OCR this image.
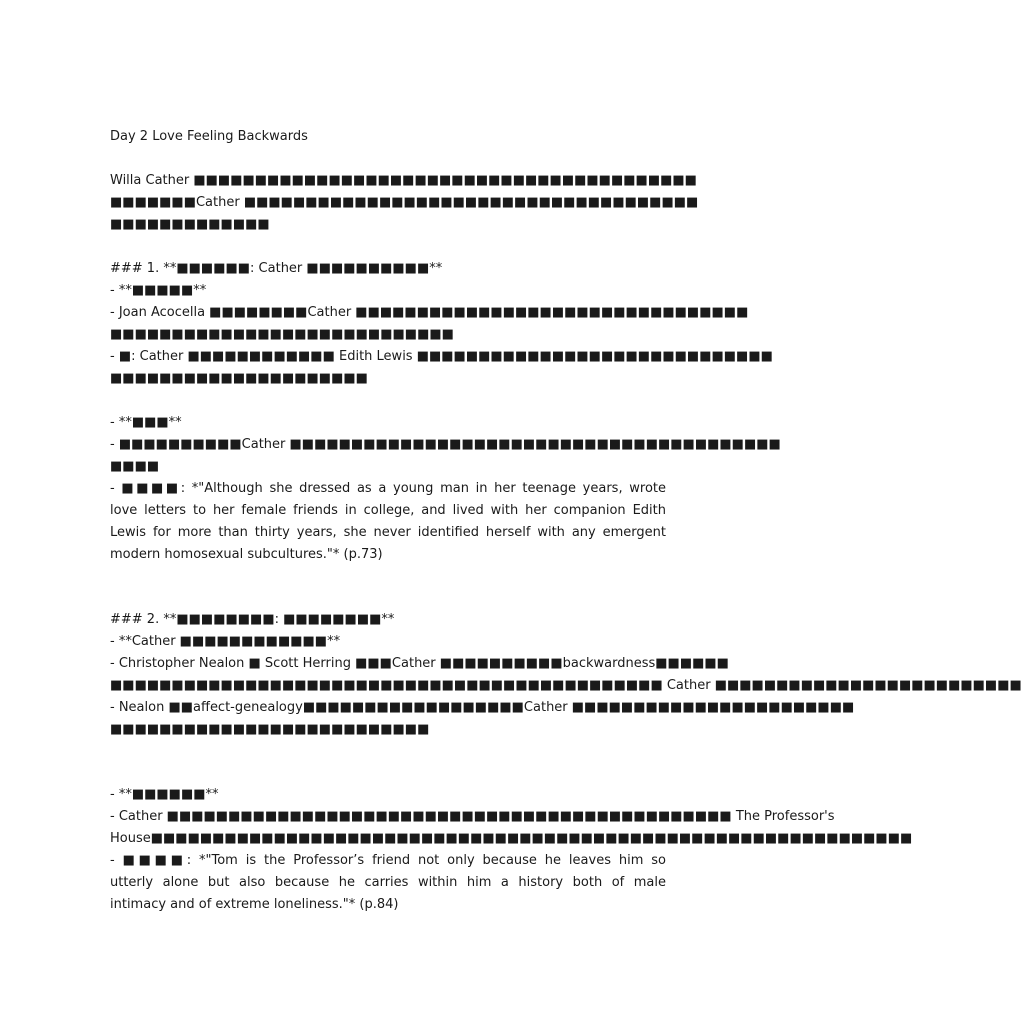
Day 2 Love Feeling Backwards
Willa Cather ■■■■■■■■■■■■■■■■■■■■■■■■■■■■■■■■■■■■■■■■■
■■■■■■■Cather ■■■■■■■■■■■■■■■■■■■■■■■■■■■■■■■■■■■■■
■■■■■■■■■■■■■
### 1. **■■■■■■: Cather ■■■■■■■■■■**
- **■■■■■**
- Joan Acocella ■■■■■■■■Cather ■■■■■■■■■■■■■■■■■■■■■■■■■■■■■■■■
■■■■■■■■■■■■■■■■■■■■■■■■■■■■
- ■: Cather ■■■■■■■■■■■■ Edith Lewis ■■■■■■■■■■■■■■■■■■■■■■■■■■■■■
■■■■■■■■■■■■■■■■■■■■■
- **■■■**
- ■■■■■■■■■■Cather ■■■■■■■■■■■■■■■■■■■■■■■■■■■■■■■■■■■■■■■■
■■■■
- ■■■■: *"Although she dressed as a young man in her teenage years, wrote
love letters to her female friends in college, and lived with her companion Edith
Lewis for more than thirty years, she never identified herself with any emergent
modern homosexual subcultures."* (p.73)
### 2. **■■■■■■■■: ■■■■■■■■**
- **Cather ■■■■■■■■■■■■**
- Christopher Nealon ■ Scott Herring ■■■Cather ■■■■■■■■■■backwardness■■■■■■
■■■■■■■■■■■■■■■■■■■■■■■■■■■■■■■■■■■■■■■■■■■■■ Cather ■■■■■■■■■■■■■■■■■■■■■■■■■
- Nealon ■■affect-genealogy■■■■■■■■■■■■■■■■■■Cather ■■■■■■■■■■■■■■■■■■■■■■■
■■■■■■■■■■■■■■■■■■■■■■■■■■
- **■■■■■■**
- Cather ■■■■■■■■■■■■■■■■■■■■■■■■■■■■■■■■■■■■■■■■■■■■■■ The Professor's
House■■■■■■■■■■■■■■■■■■■■■■■■■■■■■■■■■■■■■■■■■■■■■■■■■■■■■■■■■■■■■■
- ■■■■: *"Tom is the Professor’s friend not only because he leaves him so
utterly alone but also because he carries within him a history both of male
intimacy and of extreme loneliness."* (p.84)
